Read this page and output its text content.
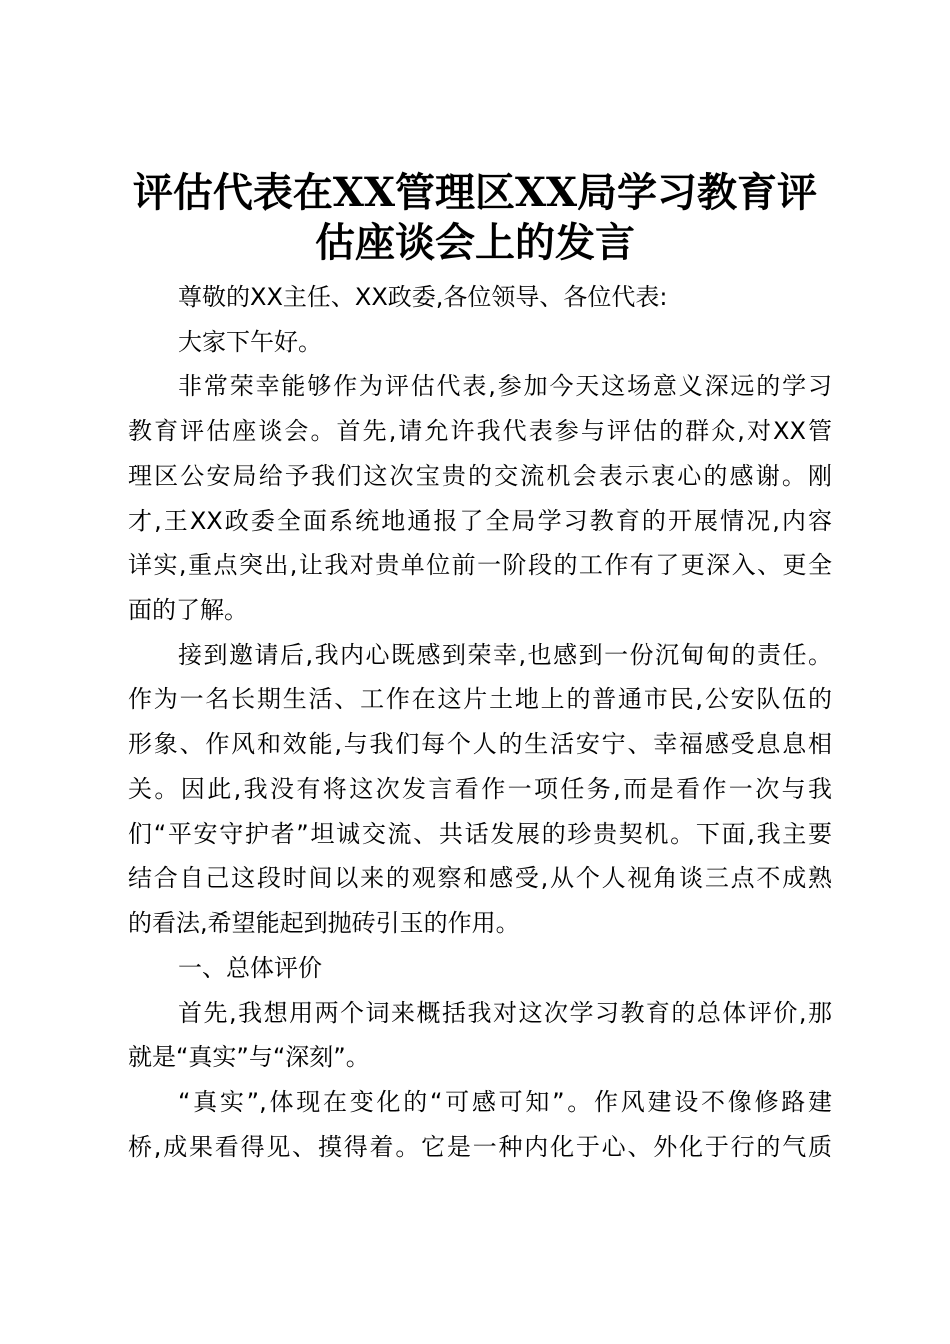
评估代表在XX管理区XX局学习教育评
估座谈会上的发言
尊敬的XX主任、XX政委,各位领导、各位代表:
大家下午好。
非常荣幸能够作为评估代表,参加今天这场意义深远的学习
教育评估座谈会。首先,请允许我代表参与评估的群众,对XX管
理区公安局给予我们这次宝贵的交流机会表示衷心的感谢。刚
才,王XX政委全面系统地通报了全局学习教育的开展情况,内容
详实,重点突出,让我对贵单位前一阶段的工作有了更深入、更全
面的了解。
接到邀请后,我内心既感到荣幸,也感到一份沉甸甸的责任。
作为一名长期生活、工作在这片土地上的普通市民,公安队伍的
形象、作风和效能,与我们每个人的生活安宁、幸福感受息息相
关。因此,我没有将这次发言看作一项任务,而是看作一次与我
们“平安守护者”坦诚交流、共话发展的珍贵契机。下面,我主要
结合自己这段时间以来的观察和感受,从个人视角谈三点不成熟
的看法,希望能起到抛砖引玉的作用。
一、总体评价
首先,我想用两个词来概括我对这次学习教育的总体评价,那
就是“真实”与“深刻”。
“真实”,体现在变化的“可感可知”。作风建设不像修路建
桥,成果看得见、摸得着。它是一种内化于心、外化于行的气质
